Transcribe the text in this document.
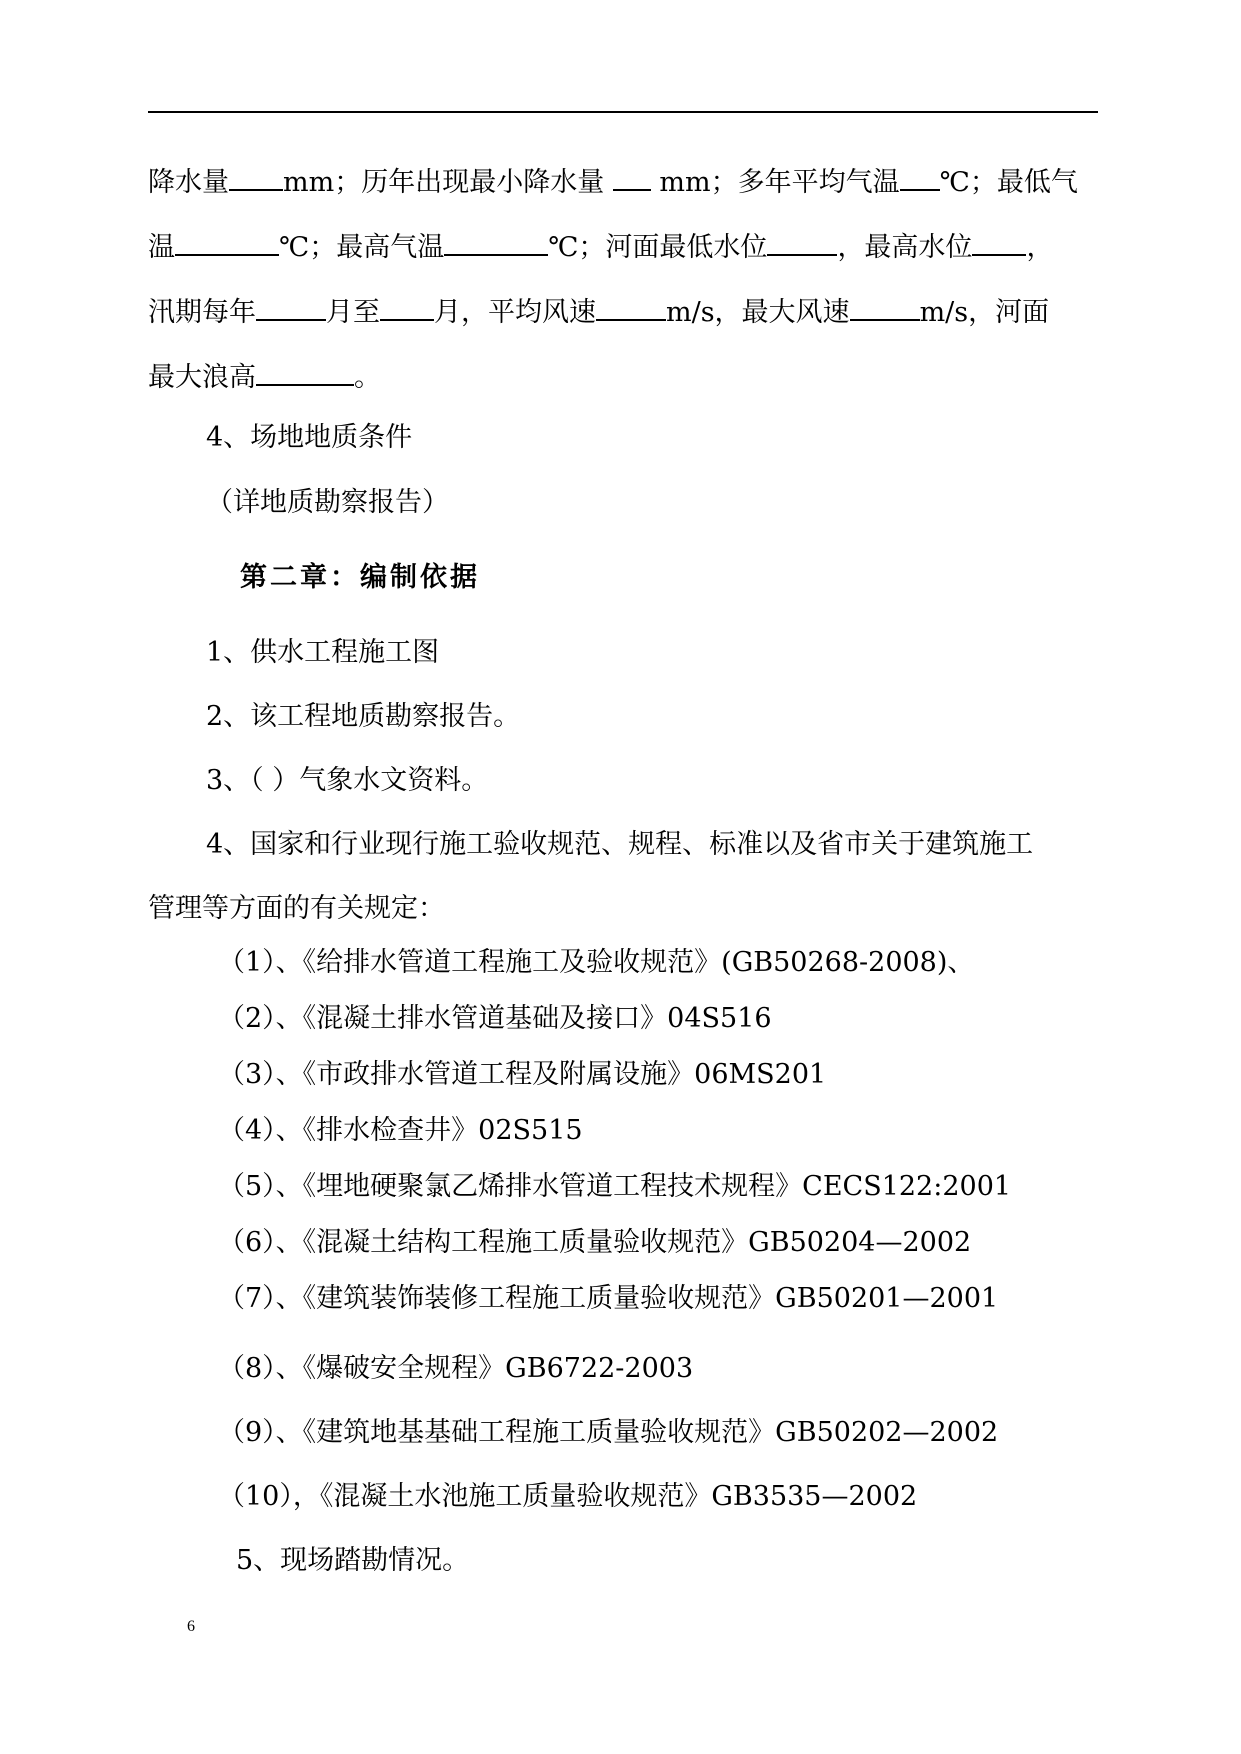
降水量 mm；历年出现最小降水量 mm；多年平均气温 ℃；最低气
温	℃；最高气温	℃；河面最低水位	，最高水位 ，
汛期每年	月至 月，平均风速	m/s，最大风速	m/s，河面
最大浪高	。
4、场地地质条件
（详地质勘察报告）
第二章：编制依据
1、供水工程施工图
2、该工程地质勘察报告。
3、（ ）气象水文资料。
4、国家和行业现行施工验收规范、规程、标准以及省市关于建筑施工
管理等方面的有关规定：
（1）、《给排水管道工程施工及验收规范》(GB50268-2008)、
（2）、《混凝土排水管道基础及接口》04S516
（3）、《市政排水管道工程及附属设施》06MS201
（4）、《排水检查井》02S515
（5）、《埋地硬聚氯乙烯排水管道工程技术规程》CECS122:2001
（6）、《混凝土结构工程施工质量验收规范》GB50204—2002
（7）、《建筑装饰装修工程施工质量验收规范》GB50201—2001
（8）、《爆破安全规程》GB6722-2003
（9）、《建筑地基基础工程施工质量验收规范》GB50202—2002
（10），《混凝土水池施工质量验收规范》GB3535—2002
5、现场踏勘情况。
6
